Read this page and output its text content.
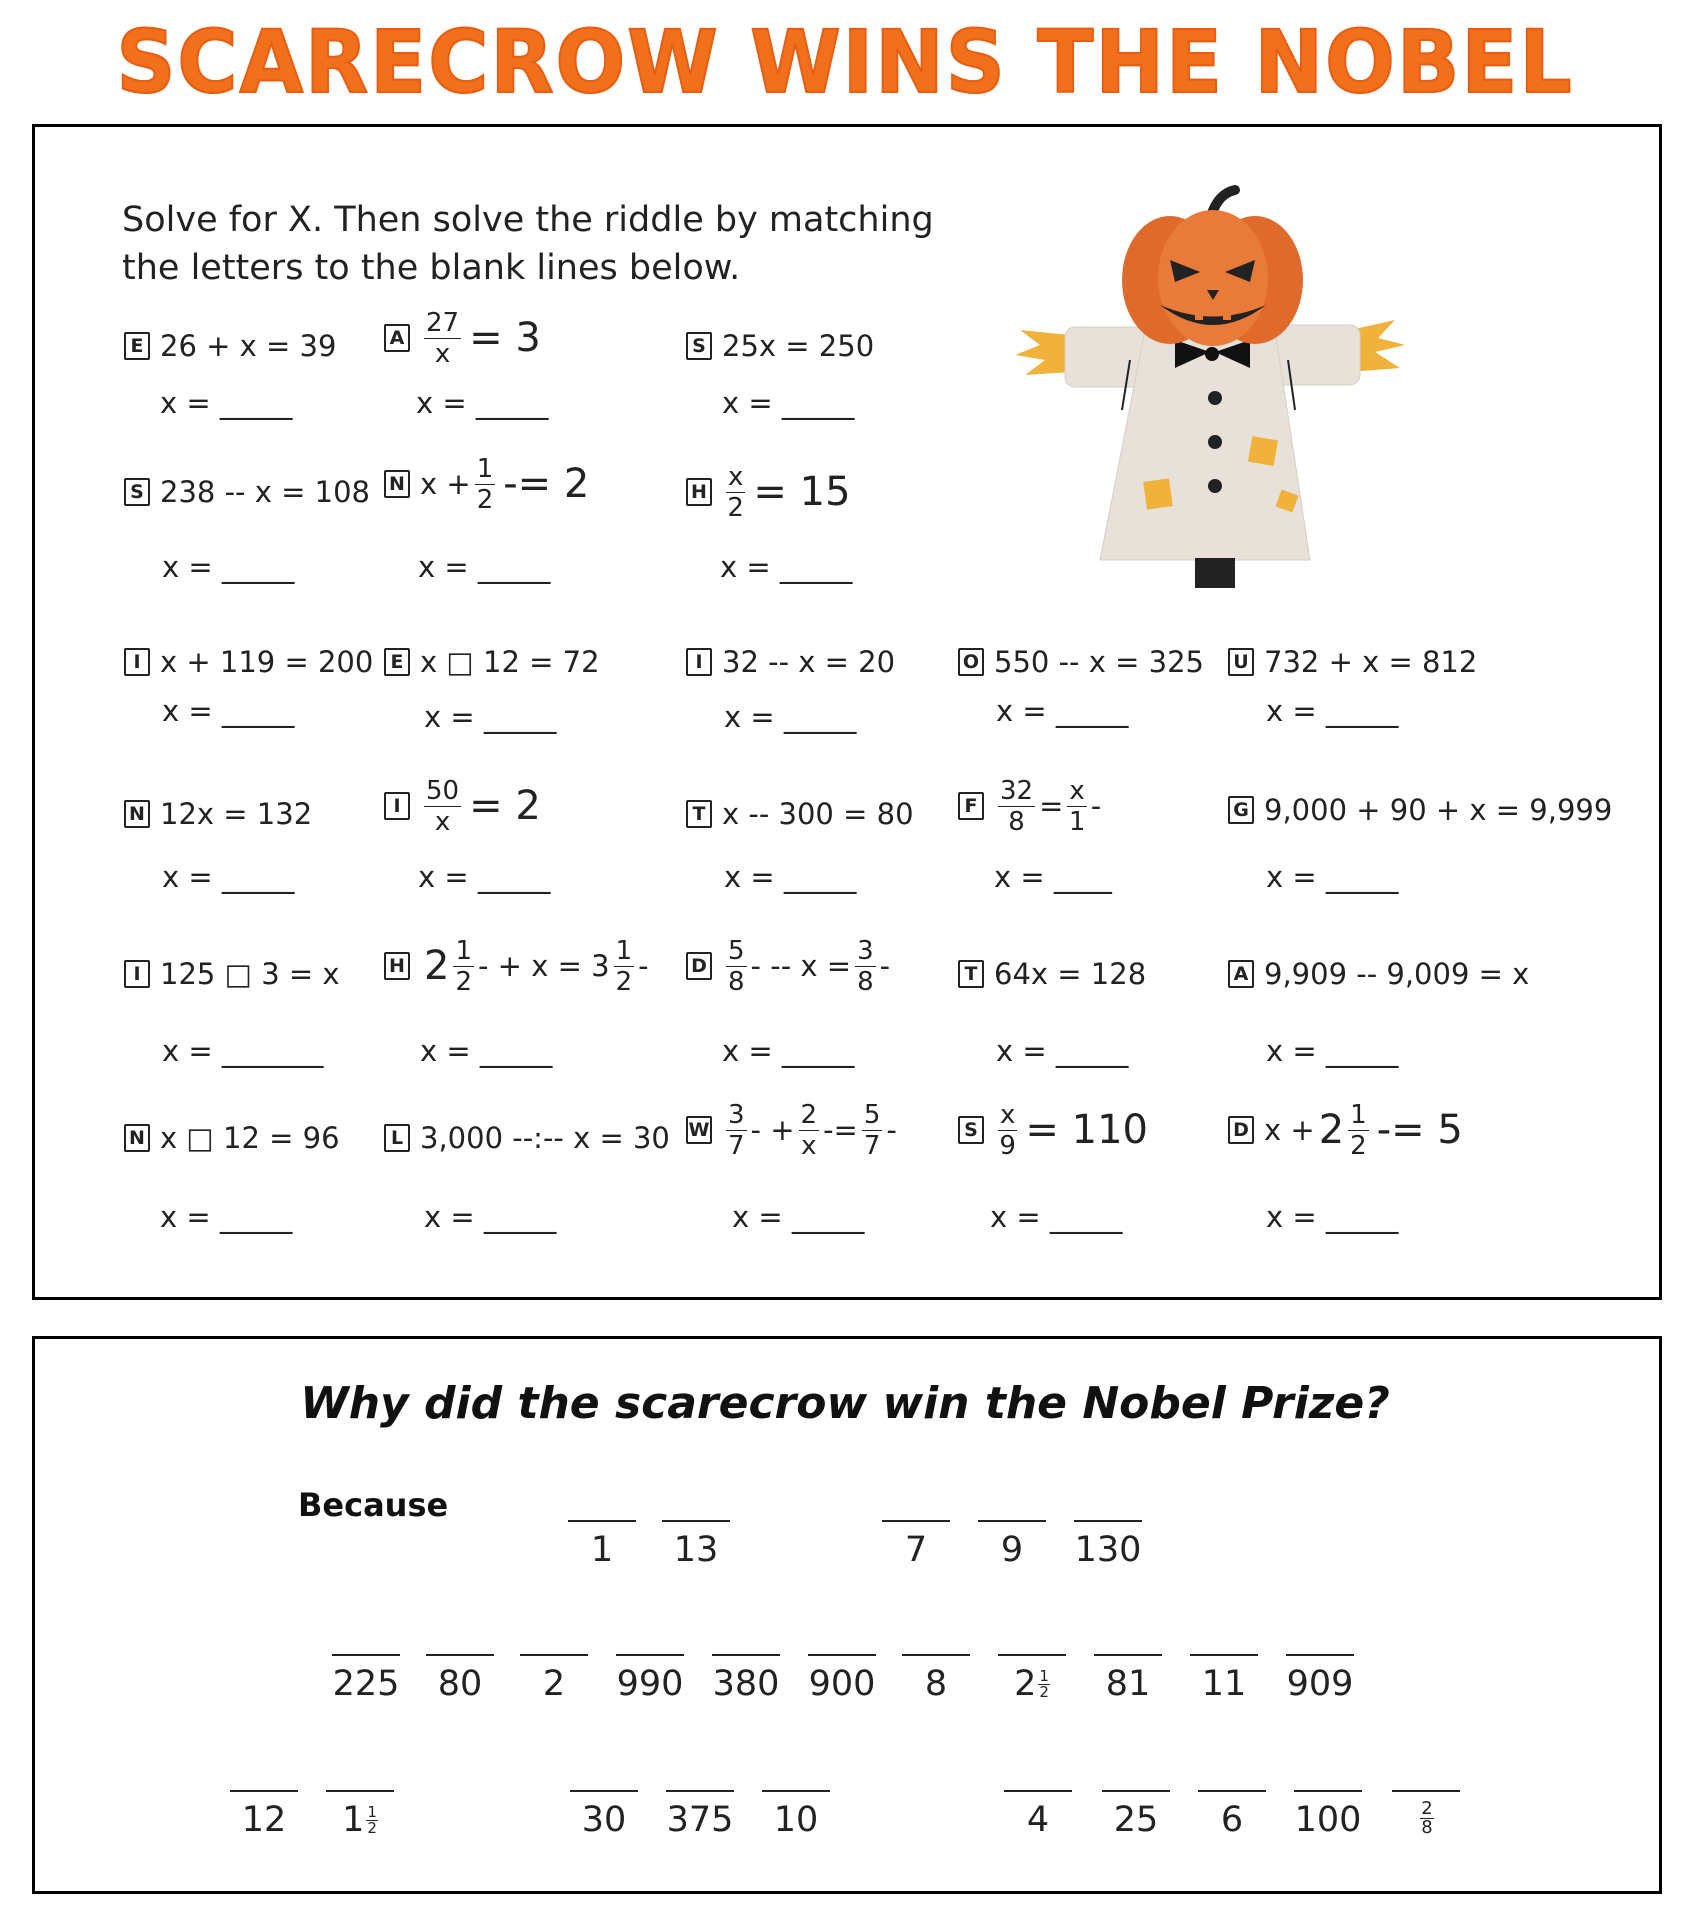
SCARECROW WINS THE NOBEL
Solve for X. Then solve the riddle by matching
the letters to the blank lines below.
E 26 + x = 39
x = _____
A $\frac{27}{x} = 3$
x = _____
S 25x = 250
x = _____
S 238 -- x = 108
x = _____
N $x + \frac{1}{2} -= 2$
x = _____
H $\frac{x}{2} = 15$
x = _____
I x + 119 = 200
x = _____
E x □ 12 = 72
x = _____
I 32 -- x = 20
x = _____
O 550 -- x = 325
x = _____
U 732 + x = 812
x = _____
N 12x = 132
x = _____
I $\frac{50}{x} = 2$
x = _____
T x -- 300 = 80
x = _____
F $\frac{32}{8} = \frac{x}{1}$ -
x = ____
G 9,000 + 90 + x = 9,999
x = _____
I 125 □ 3 = x
x = _______
H $2 \frac{1}{2}$ - + $x = 3 \frac{1}{2}$ -
x = _____
D $\frac{5}{8}$ - -- $x = \frac{3}{8}$ -
x = _____
T 64x = 128
x = _____
A 9,909 -- 9,009 = x
x = _____
N x □ 12 = 96
x = _____
L 3,000 --:-- x = 30
x = _____
W $\frac{3}{7}$ - + $\frac{2}{x} -= \frac{5}{7}$ -
x = _____
S $\frac{x}{9} = 110$
x = _____
D $x + 2 \frac{1}{2} -= 5$
x = _____
Why did the scarecrow win the Nobel Prize?
Because
1	13	7	9	130
225	80	2	990 380 900	8	2 1
2	81	11	909
12	1 1
2	30	375	10	4	25	6	100	2
8
